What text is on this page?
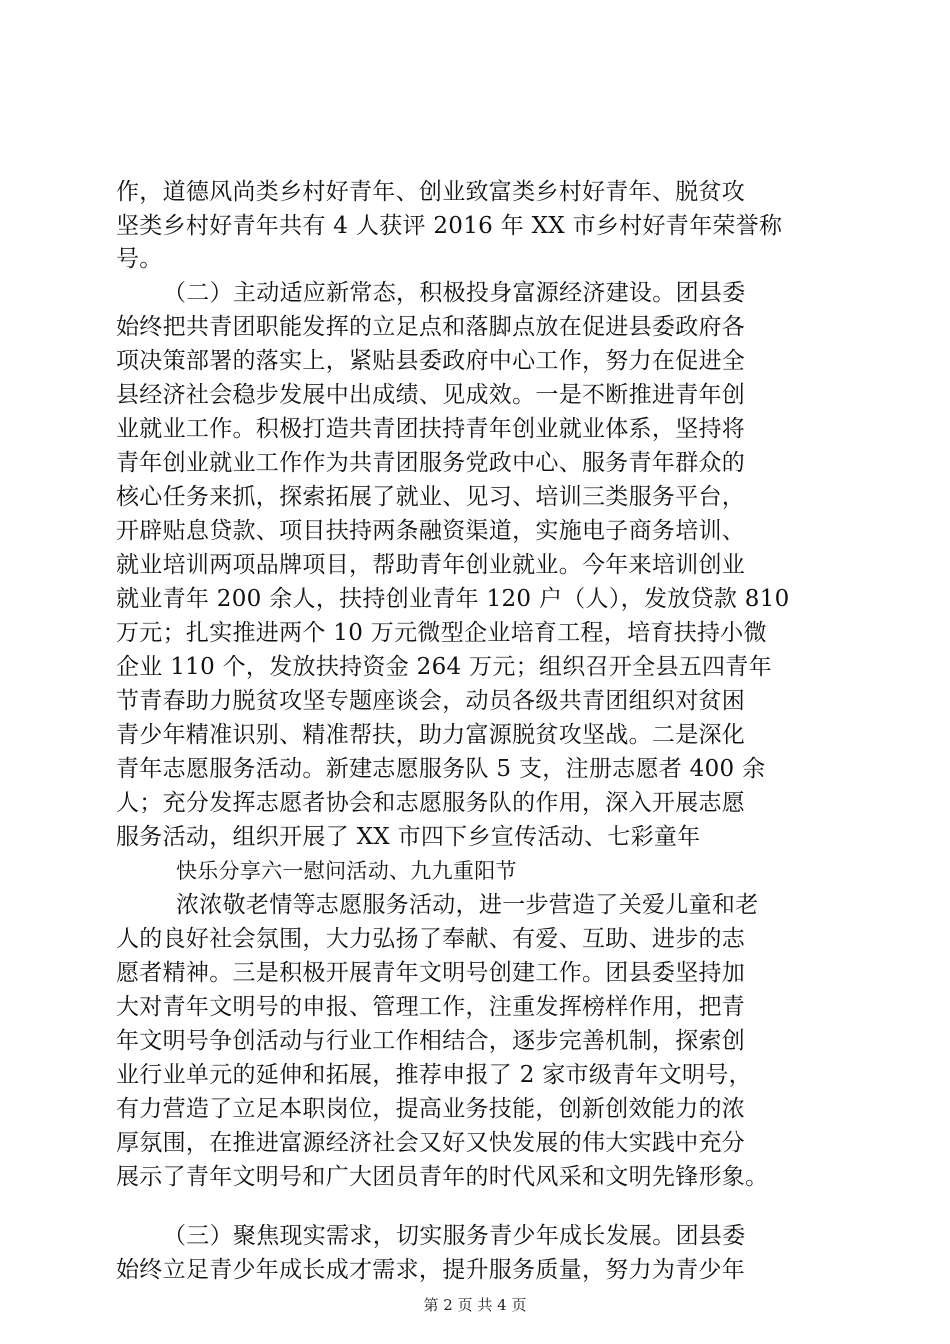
作，道德风尚类乡村好青年、创业致富类乡村好青年、脱贫攻
坚类乡村好青年共有 4 人获评 2016 年 XX 市乡村好青年荣誉称
号。
（二）主动适应新常态，积极投身富源经济建设。团县委
始终把共青团职能发挥的立足点和落脚点放在促进县委政府各
项决策部署的落实上，紧贴县委政府中心工作，努力在促进全
县经济社会稳步发展中出成绩、见成效。一是不断推进青年创
业就业工作。积极打造共青团扶持青年创业就业体系，坚持将
青年创业就业工作作为共青团服务党政中心、服务青年群众的
核心任务来抓，探索拓展了就业、见习、培训三类服务平台，
开辟贴息贷款、项目扶持两条融资渠道，实施电子商务培训、
就业培训两项品牌项目，帮助青年创业就业。今年来培训创业
就业青年 200 余人，扶持创业青年 120 户（人），发放贷款 810
万元；扎实推进两个 10 万元微型企业培育工程，培育扶持小微
企业 110 个，发放扶持资金 264 万元；组织召开全县五四青年
节青春助力脱贫攻坚专题座谈会，动员各级共青团组织对贫困
青少年精准识别、精准帮扶，助力富源脱贫攻坚战。二是深化
青年志愿服务活动。新建志愿服务队 5 支，注册志愿者 400 余
人；充分发挥志愿者协会和志愿服务队的作用，深入开展志愿
服务活动，组织开展了 XX 市四下乡宣传活动、七彩童年
快乐分享六一慰问活动、九九重阳节
浓浓敬老情等志愿服务活动，进一步营造了关爱儿童和老
人的良好社会氛围，大力弘扬了奉献、有爱、互助、进步的志
愿者精神。三是积极开展青年文明号创建工作。团县委坚持加
大对青年文明号的申报、管理工作，注重发挥榜样作用，把青
年文明号争创活动与行业工作相结合，逐步完善机制，探索创
业行业单元的延伸和拓展，推荐申报了 2 家市级青年文明号，
有力营造了立足本职岗位，提高业务技能，创新创效能力的浓
厚氛围，在推进富源经济社会又好又快发展的伟大实践中充分
展示了青年文明号和广大团员青年的时代风采和文明先锋形象。
（三）聚焦现实需求，切实服务青少年成长发展。团县委
始终立足青少年成长成才需求，提升服务质量，努力为青少年
第 2 页 共 4 页
